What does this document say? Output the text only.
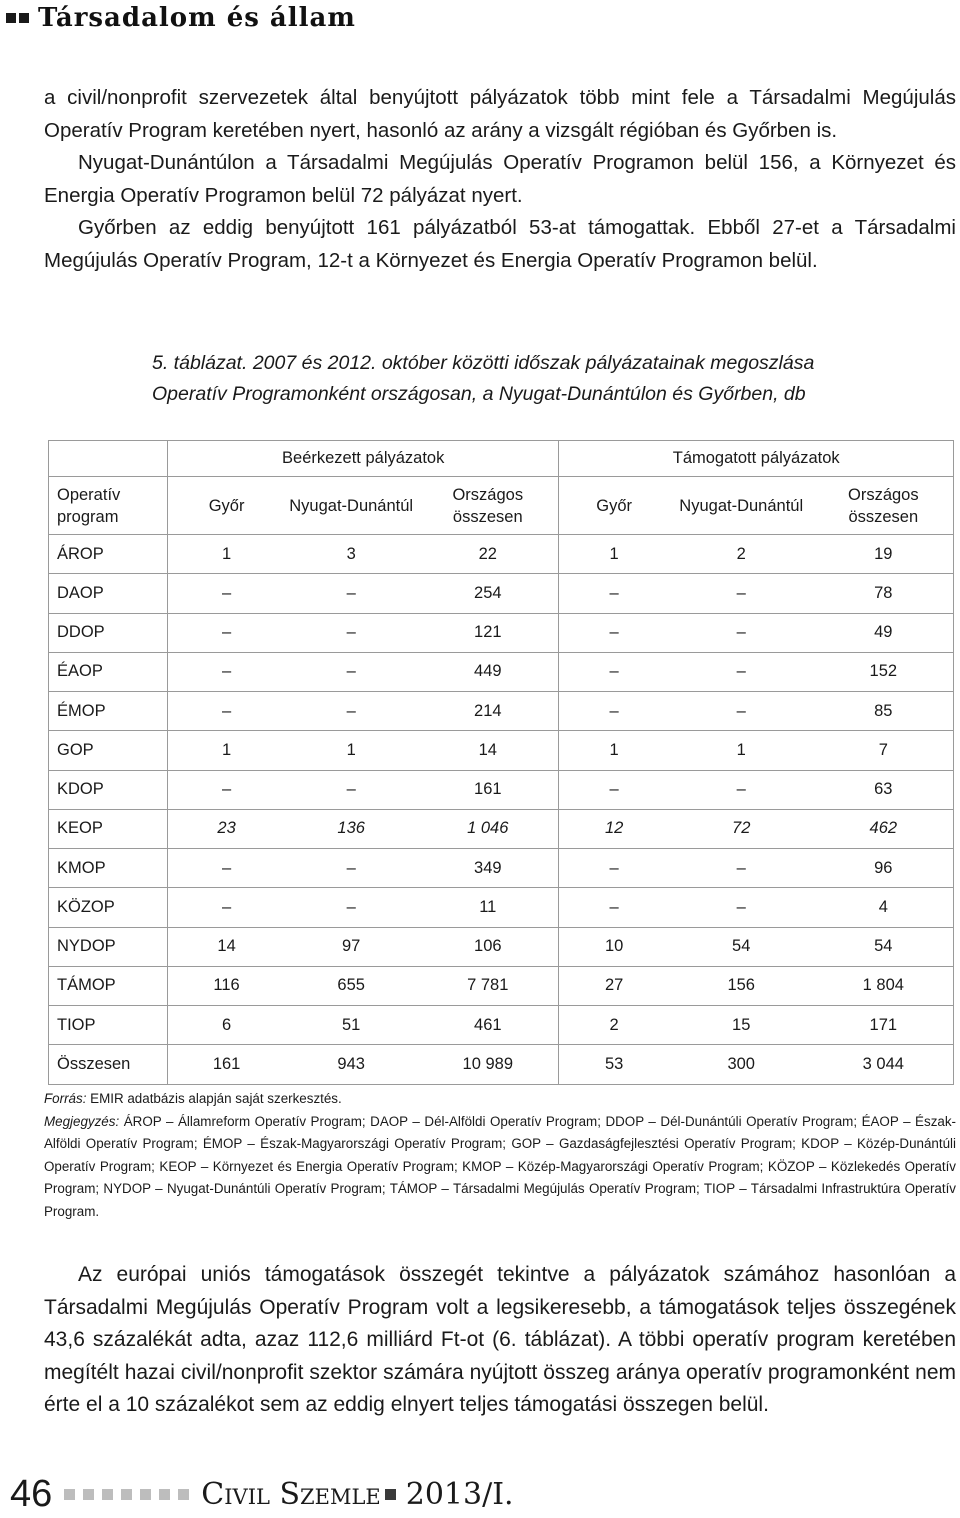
Társadalom és állam

a civil/nonprofit szervezetek által benyújtott pályázatok több mint fele a Társadalmi Megújulás Operatív Program keretében nyert, hasonló az arány a vizsgált régióban és Győrben is.

Nyugat-Dunántúlon a Társadalmi Megújulás Operatív Programon belül 156, a Környezet és Energia Operatív Programon belül 72 pályázat nyert.

Győrben az eddig benyújtott 161 pályázatból 53-at támogattak. Ebből 27-et a Társadalmi Megújulás Operatív Program, 12-t a Környezet és Energia Operatív Programon belül.

5. táblázat. 2007 és 2012. október közötti időszak pályázatainak megoszlása
Operatív Programonként országosan, a Nyugat-Dunántúlon és Győrben, db
	Beérkezett pályázatok			Támogatott pályázatok		
Operatív program	Győr	Nyugat-Dunántúl	Országos összesen	Győr	Nyugat-Dunántúl	Országos összesen
ÁROP	1	3	22	1	2	19
DAOP	–	–	254	–	–	78
DDOP	–	–	121	–	–	49
ÉAOP	–	–	449	–	–	152
ÉMOP	–	–	214	–	–	85
GOP	1	1	14	1	1	7
KDOP	–	–	161	–	–	63
KEOP	23	136	1 046	12	72	462
KMOP	–	–	349	–	–	96
KÖZOP	–	–	11	–	–	4
NYDOP	14	97	106	10	54	54
TÁMOP	116	655	7 781	27	156	1 804
TIOP	6	51	461	2	15	171
Összesen	161	943	10 989	53	300	3 044

Forrás: EMIR adatbázis alapján saját szerkesztés.

Megjegyzés: ÁROP – Államreform Operatív Program; DAOP – Dél-Alföldi Operatív Program; DDOP – Dél-Dunántúli Operatív Program; ÉAOP – Észak-Alföldi Operatív Program; ÉMOP – Észak-Magyarországi Operatív Program; GOP – Gazdaságfejlesztési Operatív Program; KDOP – Közép-Dunántúli Operatív Program; KEOP – Környezet és Energia Operatív Program; KMOP – Közép-Magyarországi Operatív Program; KÖZOP – Közlekedés Operatív Program; NYDOP – Nyugat-Dunántúli Operatív Program; TÁMOP – Társadalmi Megújulás Operatív Program; TIOP – Társadalmi Infrastruktúra Operatív Program.

Az európai uniós támogatások összegét tekintve a pályázatok számához hasonlóan a Társadalmi Megújulás Operatív Program volt a legsikeresebb, a támogatások teljes összegének 43,6 százalékát adta, azaz 112,6 milliárd Ft-ot (6. táblázat). A többi operatív program keretében megítélt hazai civil/nonprofit szektor számára nyújtott összeg aránya operatív programonként nem érte el a 10 százalékot sem az eddig elnyert teljes támogatási összegen belül.

46	Civil Szemle 2013/I.
